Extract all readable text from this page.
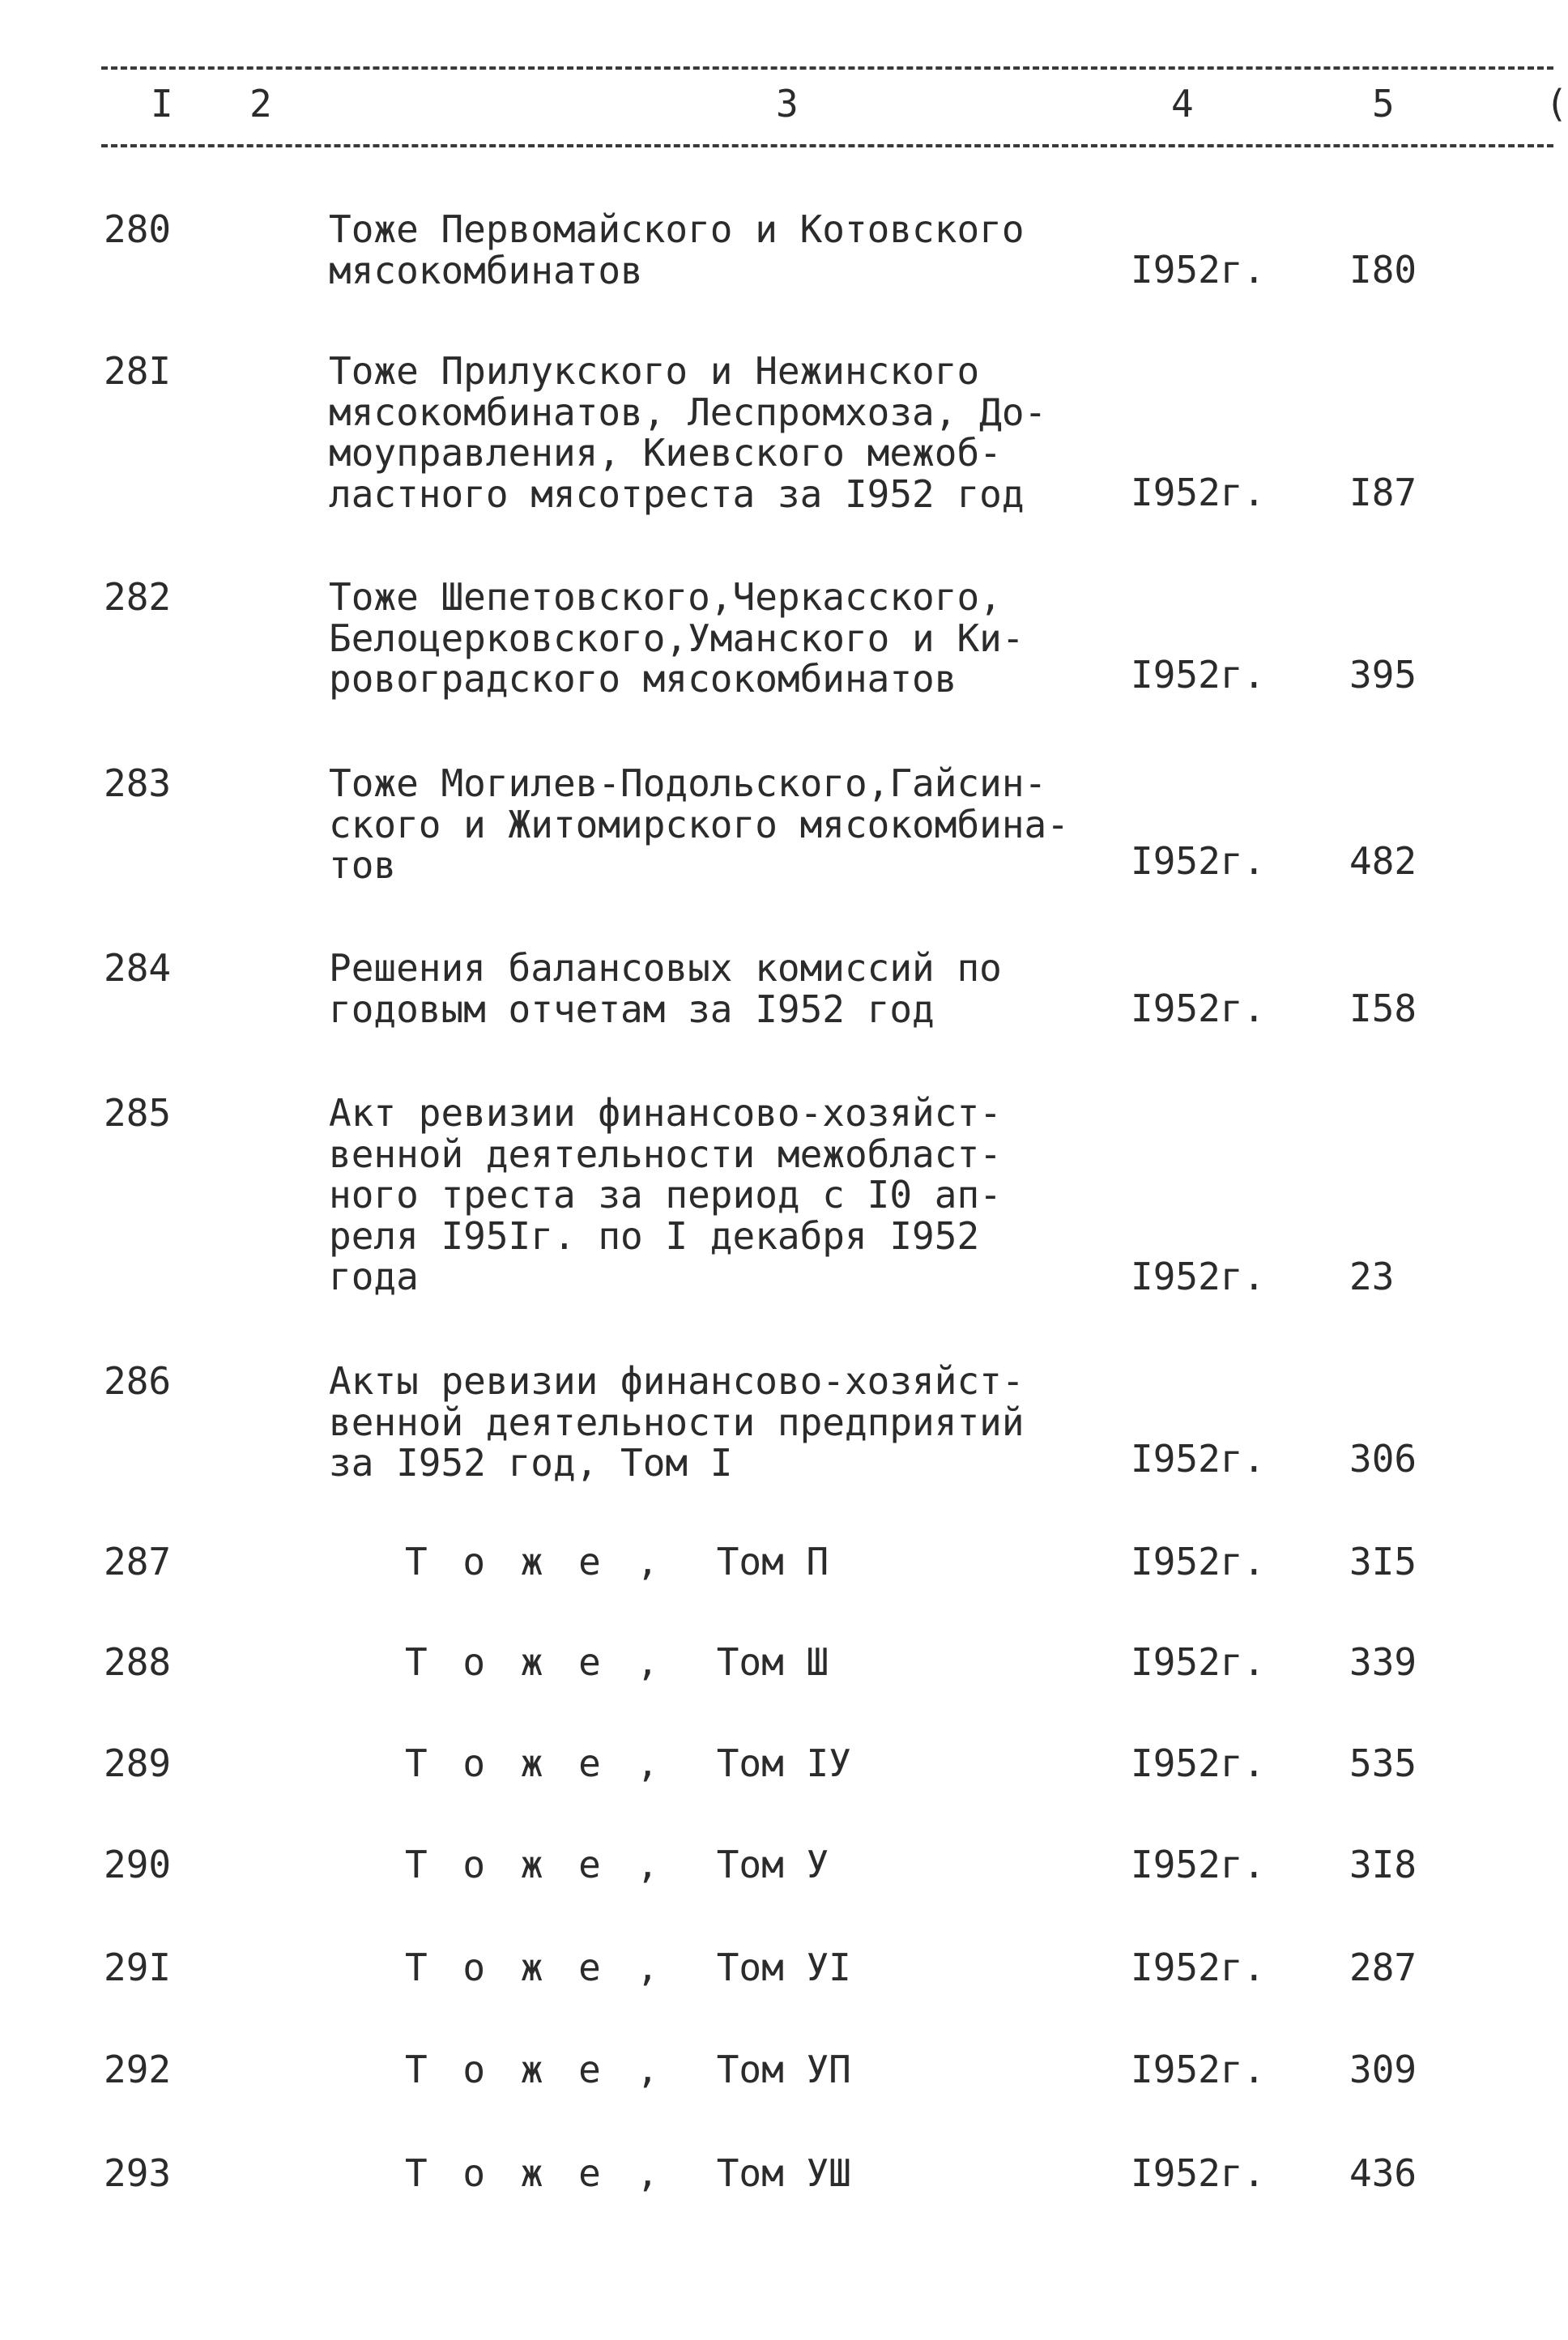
I 2	3	4	5	(
280	Тоже Первомайского и Котовского
мясокомбинатов	I952г. I80
28I	Тоже Прилукского и Нежинского
мясокомбинатов, Леспромхоза, До-
моуправления, Киевского межоб-
ластного мясотреста за I952 год	I952г. I87
282	Тоже Шепетовского,Черкасского,
Белоцерковского,Уманского и Ки-
ровоградского мясокомбинатов	I952г. 395
283	Тоже Могилев-Подольского,Гайсин-
ского и Житомирского мясокомбина-
тов	I952г. 482
284	Решения балансовых комиссий по
годовым отчетам за I952 год	I952г. I58
285	Акт ревизии финансово-хозяйст-
венной деятельности межобласт-
ного треста за период с I0 ап-
реля I95Iг. по I декабря I952
года	I952г. 23
286	Акты ревизии финансово-хозяйст-
венной деятельности предприятий
за I952 год, Том I	I952г. 306
287	Тоже, Том П	I952г. 3I5
288	Тоже, Том Ш	I952г. 339
289	Тоже, Том IУ	I952г. 535
290	Тоже, Том У	I952г. 3I8
29I	Тоже, Том УI	I952г. 287
292	Тоже, Том УП	I952г. 309
293	Тоже, Том УШ	I952г. 436
